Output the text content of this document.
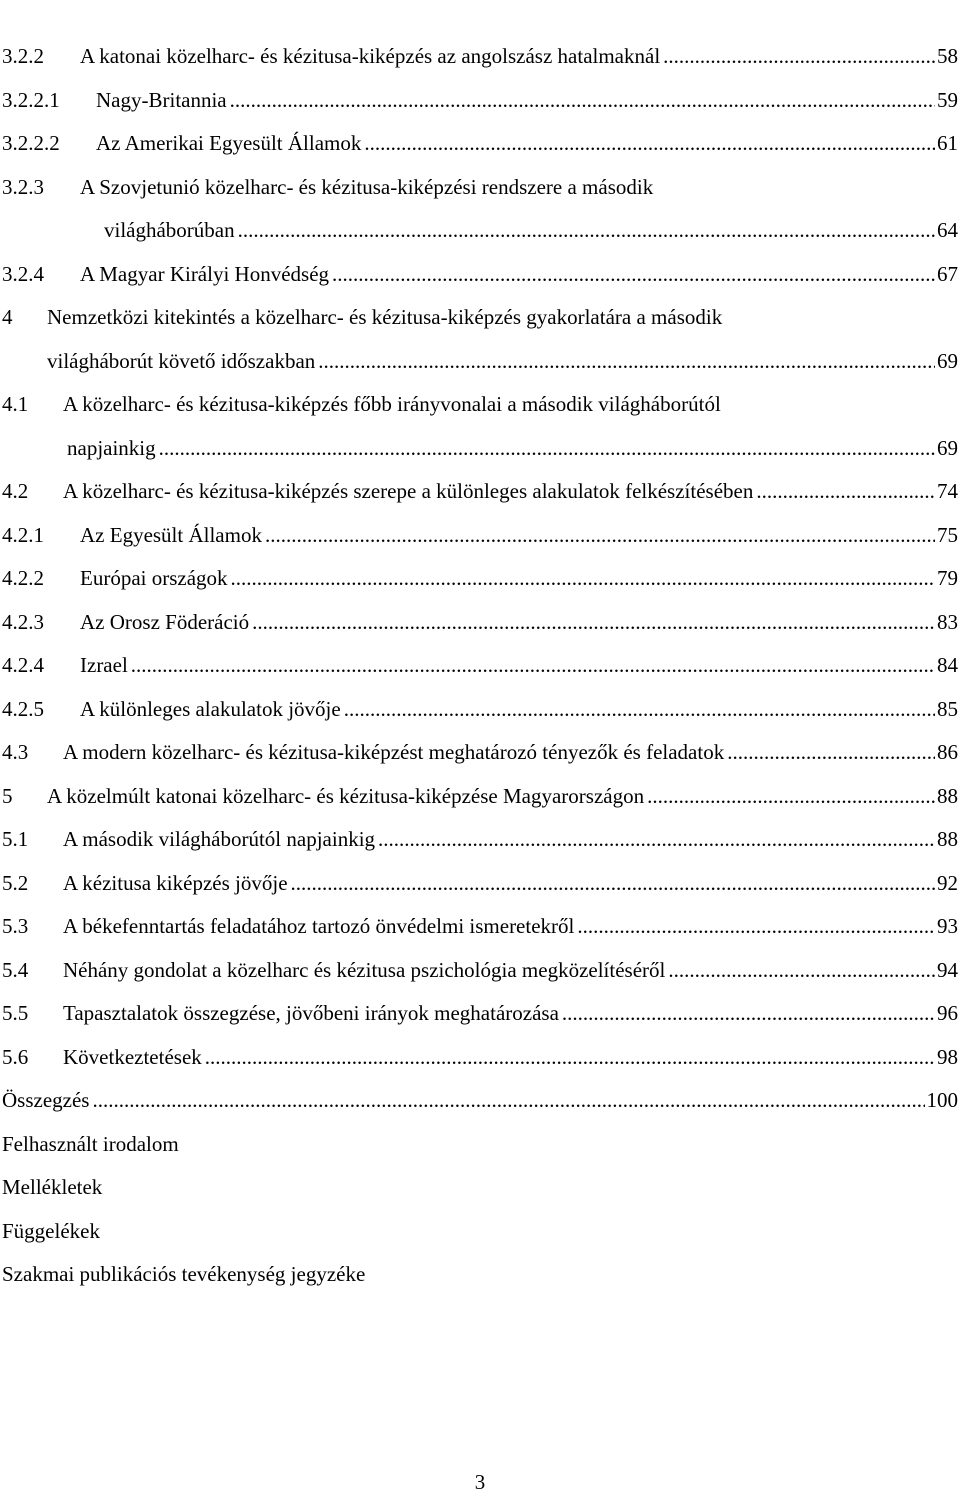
3.2.2 A katonai közelharc- és kézitusa-kiképzés az angolszász hatalmaknál .....	58
3.2.2.1 Nagy-Britannia .....	59
3.2.2.2 Az Amerikai Egyesült Államok .....	61
3.2.3 A Szovjetunió közelharc- és kézitusa-kiképzési rendszere a második
világháborúban .....	64
3.2.4 A Magyar Királyi Honvédség .....	67
4 Nemzetközi kitekintés a közelharc- és kézitusa-kiképzés gyakorlatára a második
világháborút követő időszakban .....	69
4.1 A közelharc- és kézitusa-kiképzés főbb irányvonalai a második világháborútól
napjainkig .....	69
4.2 A közelharc- és kézitusa-kiképzés szerepe a különleges alakulatok felkészítésében .....	74
4.2.1 Az Egyesült Államok .....	75
4.2.2 Európai országok .....	79
4.2.3 Az Orosz Föderáció .....	83
4.2.4 Izrael .....	84
4.2.5 A különleges alakulatok jövője .....	85
4.3 A modern közelharc- és kézitusa-kiképzést meghatározó tényezők és feladatok .....	86
5 A közelmúlt katonai közelharc- és kézitusa-kiképzése Magyarországon .....	88
5.1 A második világháborútól napjainkig .....	88
5.2 A kézitusa kiképzés jövője .....	92
5.3 A békefenntartás feladatához tartozó önvédelmi ismeretekről .....	93
5.4 Néhány gondolat a közelharc és kézitusa pszichológia megközelítéséről .....	94
5.5 Tapasztalatok összegzése, jövőbeni irányok meghatározása .....	96
5.6 Következtetések .....	98
Összegzés .....	100
Felhasznált irodalom
Mellékletek
Függelékek
Szakmai publikációs tevékenység jegyzéke
3
